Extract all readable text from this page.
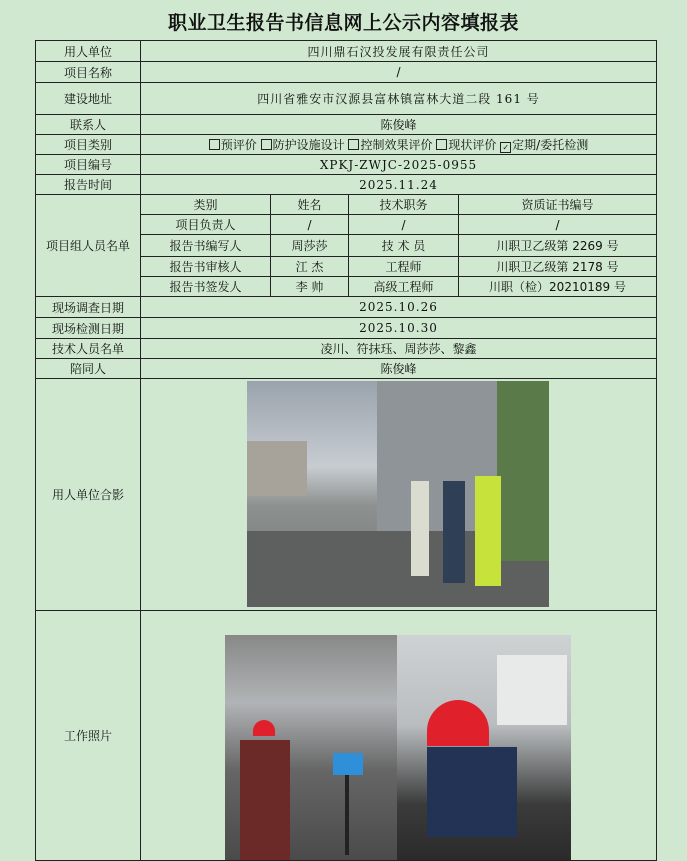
职业卫生报告书信息网上公示内容填报表
用人单位	四川鼎石汉投发展有限责任公司			
项目名称	/			
建设地址	四川省雅安市汉源县富林镇富林大道二段 161 号			
联系人	陈俊峰			
项目类别	预评价 防护设施设计 控制效果评价 现状评价 ✓ 定期/委托检测			
项目编号	XPKJ-ZWJC-2025-0955			
报告时间	2025.11.24			
项目组人员名单	类别	姓名	技术职务	资质证书编号
	项目负责人	/	/	/
	报告书编写人	周莎莎	技 术 员	川职卫乙级第 2269 号
	报告书审核人	江 杰	工程师	川职卫乙级第 2178 号
	报告书签发人	李 帅	高级工程师	川职（检）20210189 号
现场调查日期	2025.10.26			
现场检测日期	2025.10.30			
技术人员名单	凌川、符抹珏、周莎莎、黎鑫			
陪同人	陈俊峰			
用人单位合影				

工作照片				
